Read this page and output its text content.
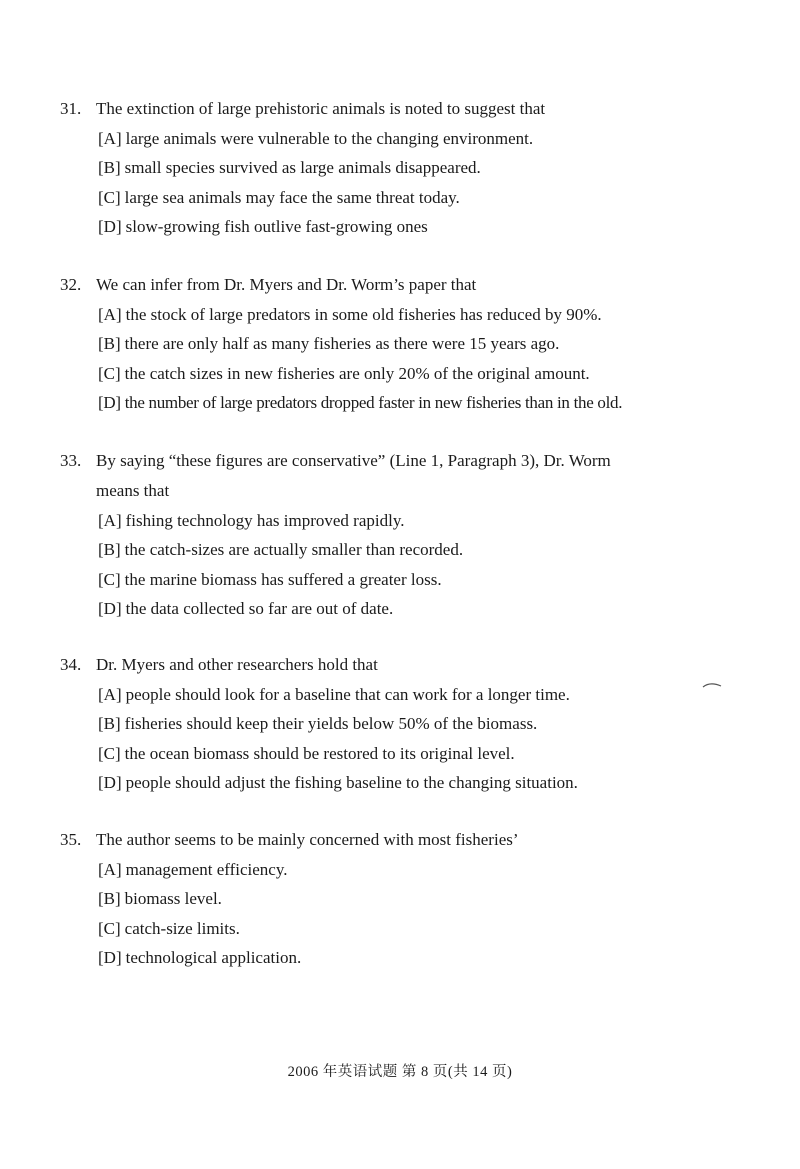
31. The extinction of large prehistoric animals is noted to suggest that
[A] large animals were vulnerable to the changing environment.
[B] small species survived as large animals disappeared.
[C] large sea animals may face the same threat today.
[D] slow-growing fish outlive fast-growing ones
32. We can infer from Dr. Myers and Dr. Worm’s paper that
[A] the stock of large predators in some old fisheries has reduced by 90%.
[B] there are only half as many fisheries as there were 15 years ago.
[C] the catch sizes in new fisheries are only 20% of the original amount.
[D] the number of large predators dropped faster in new fisheries than in the old.
33. By saying “these figures are conservative” (Line 1, Paragraph 3), Dr. Worm
means that
[A] fishing technology has improved rapidly.
[B] the catch-sizes are actually smaller than recorded.
[C] the marine biomass has suffered a greater loss.
[D] the data collected so far are out of date.
34. Dr. Myers and other researchers hold that
[A] people should look for a baseline that can work for a longer time.
[B] fisheries should keep their yields below 50% of the biomass.
[C] the ocean biomass should be restored to its original level.
[D] people should adjust the fishing baseline to the changing situation.
35. The author seems to be mainly concerned with most fisheries’
[A] management efficiency.
[B] biomass level.
[C] catch-size limits.
[D] technological application.
2006 年英语试题 第 8 页(共 14 页)
